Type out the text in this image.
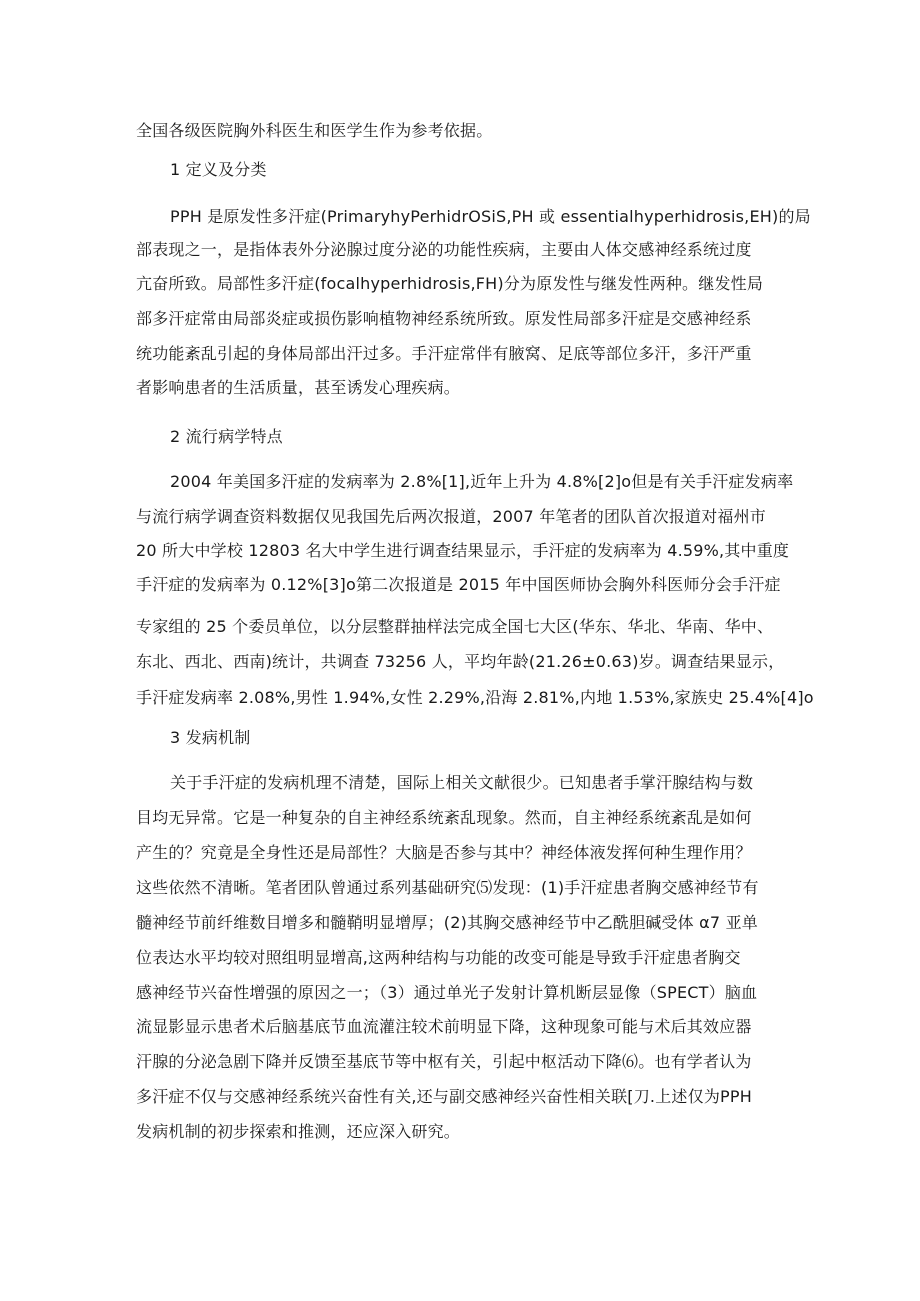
全国各级医院胸外科医生和医学生作为参考依据。
1 定义及分类
PPH 是原发性多汗症(PrimaryhyPerhidrOSiS,PH 或 essentialhyperhidrosis,EH)的局
部表现之一，是指体表外分泌腺过度分泌的功能性疾病，主要由人体交感神经系统过度
亢奋所致。局部性多汗症(focalhyperhidrosis,FH)分为原发性与继发性两种。继发性局
部多汗症常由局部炎症或损伤影响植物神经系统所致。原发性局部多汗症是交感神经系
统功能紊乱引起的身体局部出汗过多。手汗症常伴有腋窝、足底等部位多汗，多汗严重
者影响患者的生活质量，甚至诱发心理疾病。
2 流行病学特点
2004 年美国多汗症的发病率为 2.8%[1],近年上升为 4.8%[2]o但是有关手汗症发病率
与流行病学调查资料数据仅见我国先后两次报道，2007 年笔者的团队首次报道对福州市
20 所大中学校 12803 名大中学生进行调查结果显示，手汗症的发病率为 4.59%,其中重度
手汗症的发病率为 0.12%[3]o第二次报道是 2015 年中国医师协会胸外科医师分会手汗症
专家组的 25 个委员单位，以分层整群抽样法完成全国七大区(华东、华北、华南、华中、
东北、西北、西南)统计，共调查 73256 人，平均年龄(21.26±0.63)岁。调查结果显示，
手汗症发病率 2.08%,男性 1.94%,女性 2.29%,沿海 2.81%,内地 1.53%,家族史 25.4%[4]o
3 发病机制
关于手汗症的发病机理不清楚，国际上相关文献很少。已知患者手掌汗腺结构与数
目均无异常。它是一种复杂的自主神经系统紊乱现象。然而，自主神经系统紊乱是如何
产生的？究竟是全身性还是局部性？大脑是否参与其中？神经体液发挥何种生理作用？
这些依然不清晰。笔者团队曾通过系列基础研究⑸发现：(1)手汗症患者胸交感神经节有
髓神经节前纤维数目增多和髓鞘明显增厚；(2)其胸交感神经节中乙酰胆碱受体 α7 亚单
位表达水平均较对照组明显增高,这两种结构与功能的改变可能是导致手汗症患者胸交
感神经节兴奋性增强的原因之一；（3）通过单光子发射计算机断层显像（SPECT）脑血
流显影显示患者术后脑基底节血流灌注较术前明显下降，这种现象可能与术后其效应器
汗腺的分泌急剧下降并反馈至基底节等中枢有关，引起中枢活动下降⑹。也有学者认为
多汗症不仅与交感神经系统兴奋性有关,还与副交感神经兴奋性相关联[刀.上述仅为PPH
发病机制的初步探索和推测，还应深入研究。
